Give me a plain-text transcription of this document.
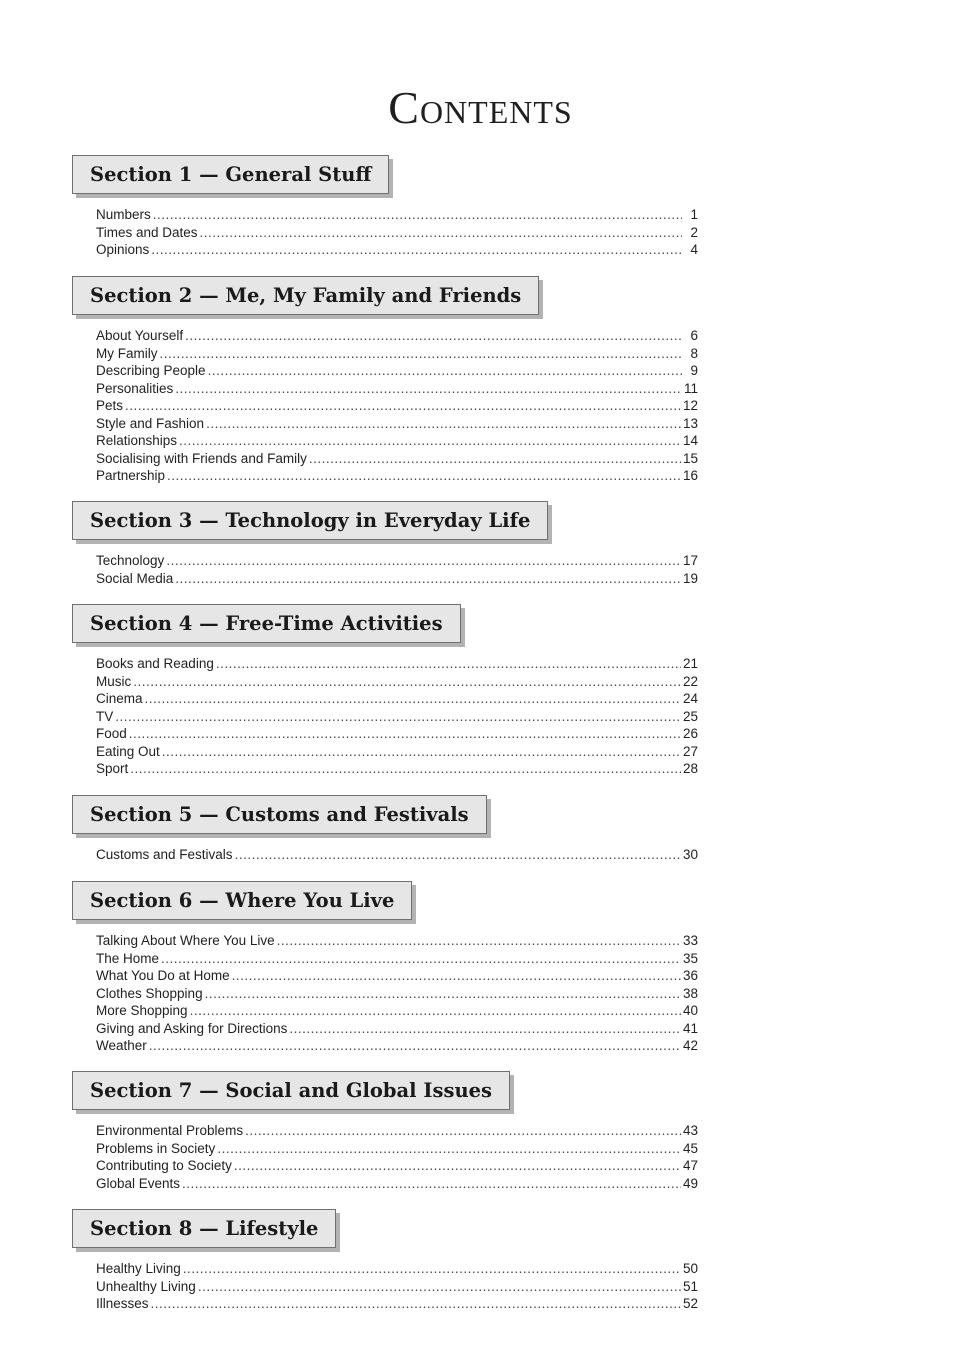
Contents
Section 1 — General Stuff
Numbers .....	1
Times and Dates .....	2
Opinions .....	4
Section 2 — Me, My Family and Friends
About Yourself .....	6
My Family .....	8
Describing People .....	9
Personalities .....	11
Pets .....	12
Style and Fashion .....	13
Relationships .....	14
Socialising with Friends and Family .....	15
Partnership .....	16
Section 3 — Technology in Everyday Life
Technology .....	17
Social Media .....	19
Section 4 — Free-Time Activities
Books and Reading .....	21
Music .....	22
Cinema .....	24
TV .....	25
Food .....	26
Eating Out .....	27
Sport .....	28
Section 5 — Customs and Festivals
Customs and Festivals .....	30
Section 6 — Where You Live
Talking About Where You Live .....	33
The Home .....	35
What You Do at Home .....	36
Clothes Shopping .....	38
More Shopping .....	40
Giving and Asking for Directions .....	41
Weather .....	42
Section 7 — Social and Global Issues
Environmental Problems .....	43
Problems in Society .....	45
Contributing to Society .....	47
Global Events .....	49
Section 8 — Lifestyle
Healthy Living .....	50
Unhealthy Living .....	51
Illnesses .....	52
